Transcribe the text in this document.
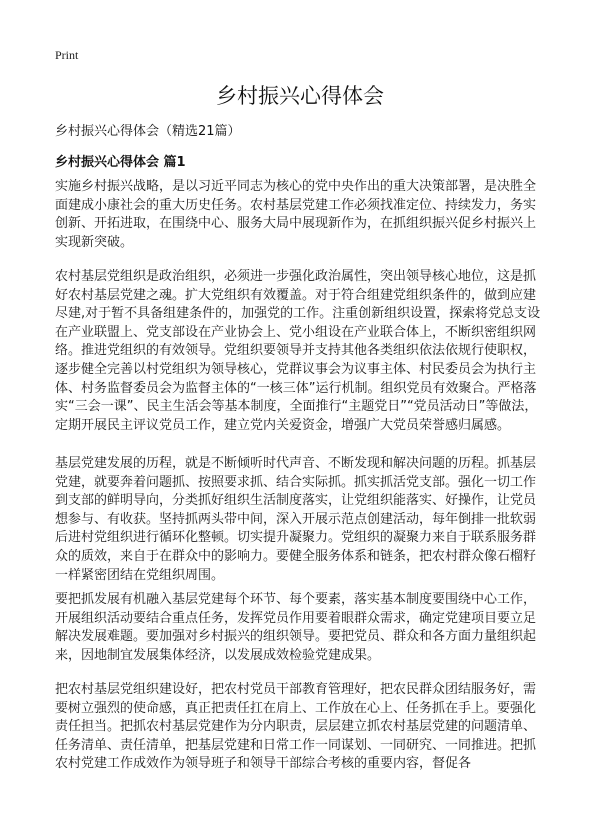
Print
乡村振兴心得体会
乡村振兴心得体会（精选21篇）
乡村振兴心得体会 篇1

实施乡村振兴战略，是以习近平同志为核心的党中央作出的重大决策部署，是决胜全面建成小康社会的重大历史任务。农村基层党建工作必须找准定位、持续发力，务实创新、开拓进取，在围绕中心、服务大局中展现新作为，在抓组织振兴促乡村振兴上实现新突破。

农村基层党组织是政治组织，必须进一步强化政治属性，突出领导核心地位，这是抓好农村基层党建之魂。扩大党组织有效覆盖。对于符合组建党组织条件的，做到应建尽建,对于暂不具备组建条件的，加强党的工作。注重创新组织设置，探索将党总支设在产业联盟上、党支部设在产业协会上、党小组设在产业联合体上，不断织密组织网络。推进党组织的有效领导。党组织要领导并支持其他各类组织依法依规行使职权，逐步健全完善以村党组织为领导核心，党群议事会为议事主体、村民委员会为执行主体、村务监督委员会为监督主体的“一核三体”运行机制。组织党员有效聚合。严格落实“三会一课”、民主生活会等基本制度，全面推行“主题党日”“党员活动日”等做法，定期开展民主评议党员工作，建立党内关爱资金，增强广大党员荣誉感归属感。

基层党建发展的历程，就是不断倾听时代声音、不断发现和解决问题的历程。抓基层党建，就要奔着问题抓、按照要求抓、结合实际抓。抓实抓活党支部。强化一切工作到支部的鲜明导向，分类抓好组织生活制度落实，让党组织能落实、好操作，让党员想参与、有收获。坚持抓两头带中间，深入开展示范点创建活动，每年倒排一批软弱后进村党组织进行循环化整顿。切实提升凝聚力。党组织的凝聚力来自于联系服务群众的质效，来自于在群众中的影响力。要健全服务体系和链条，把农村群众像石榴籽一样紧密团结在党组织周围。

要把抓发展有机融入基层党建每个环节、每个要素，落实基本制度要围绕中心工作，开展组织活动要结合重点任务，发挥党员作用要着眼群众需求，确定党建项目要立足解决发展难题。要加强对乡村振兴的组织领导。要把党员、群众和各方面力量组织起来，因地制宜发展集体经济，以发展成效检验党建成果。

把农村基层党组织建设好，把农村党员干部教育管理好，把农民群众团结服务好，需要树立强烈的使命感，真正把责任扛在肩上、工作放在心上、任务抓在手上。要强化责任担当。把抓农村基层党建作为分内职责，层层建立抓农村基层党建的问题清单、任务清单、责任清单，把基层党建和日常工作一同谋划、一同研究、一同推进。把抓农村党建工作成效作为领导班子和领导干部综合考核的重要内容，督促各
